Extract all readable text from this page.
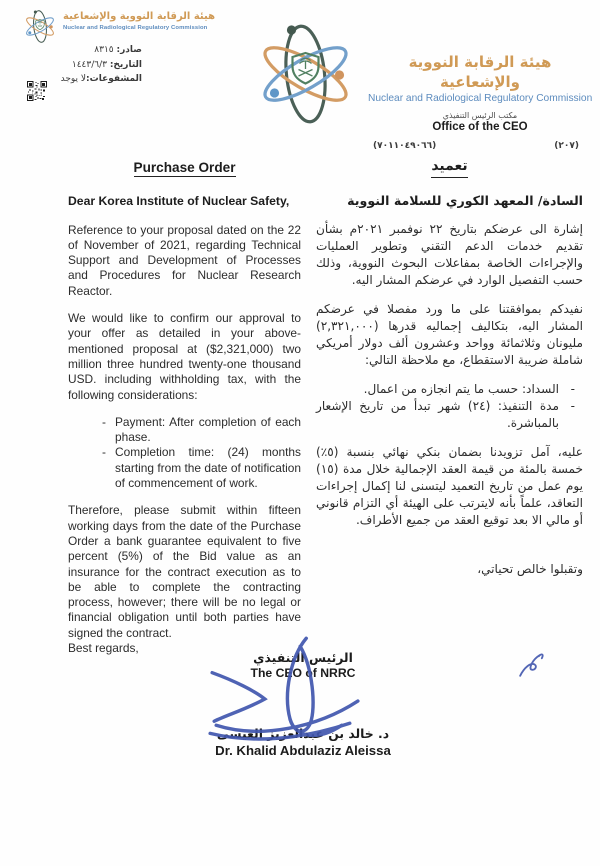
هيئة الرقابة النووية والإشعاعية
Nuclear and Radiological Regulatory Commission
صادر: ٨٣١٥
التاريخ: ١٤٤٣/٦/٣
المشفوعات:لا يوجد
هيئة الرقابة النووية والإشعاعية
Nuclear and Radiological Regulatory Commission
مكتب الرئيس التنفيذي
Office of the CEO
(٧٠١١٠٤٩٠٦٦)	(٢٠٧)
Purchase Order
Dear Korea Institute of Nuclear Safety,

Reference to your proposal dated on the 22 of November of 2021, regarding Technical Support and Development of Processes and Procedures for Nuclear Research Reactor.

We would like to confirm our approval to your offer as detailed in your above-mentioned proposal at ($2,321,000) two million three hundred twenty-one thousand USD. including withholding tax, with the following considerations:

- Payment: After completion of each phase.
- Completion time: (24) months starting from the date of notification of commencement of work.

Therefore, please submit within fifteen working days from the date of the Purchase Order a bank guarantee equivalent to five percent (5%) of the Bid value as an insurance for the contract execution as to be able to complete the contracting process, however; there will be no legal or financial obligation until both parties have signed the contract.

Best regards,
تعميد
السادة/ المعهد الكوري للسلامة النووية

إشارة الى عرضكم بتاريخ ٢٢ نوفمبر ٢٠٢١م بشأن تقديم خدمات الدعم التقني وتطوير العمليات والإجراءات الخاصة بمفاعلات البحوث النووية، وذلك حسب التفصيل الوارد في عرضكم المشار اليه.

نفيدكم بموافقتنا على ما ورد مفصلا في عرضكم المشار اليه، بتكاليف إجماليه قدرها (٢,٣٢١,٠٠٠) مليونان وثلاثمائة وواحد وعشرون ألف دولار أمريكي شاملة ضريبة الاستقطاع، مع ملاحظة التالي:

- السداد: حسب ما يتم انجازه من اعمال.
- مدة التنفيذ: (٢٤) شهر تبدأ من تاريخ الإشعار بالمباشرة.

عليه، آمل تزويدنا بضمان بنكي نهائي بنسبة (٥٪) خمسة بالمئة من قيمة العقد الإجمالية خلال مدة (١٥) يوم عمل من تاريخ التعميد ليتسنى لنا إكمال إجراءات التعاقد، علماً بأنه لايترتب على الهيئة أي التزام قانوني أو مالي الا بعد توقيع العقد من جميع الأطراف.

وتقبلوا خالص تحياتي،
الرئيس التنفيذي
The CEO of NRRC
د. خالد بن عبدالعزيز العيسى
Dr. Khalid Abdulaziz Aleissa
